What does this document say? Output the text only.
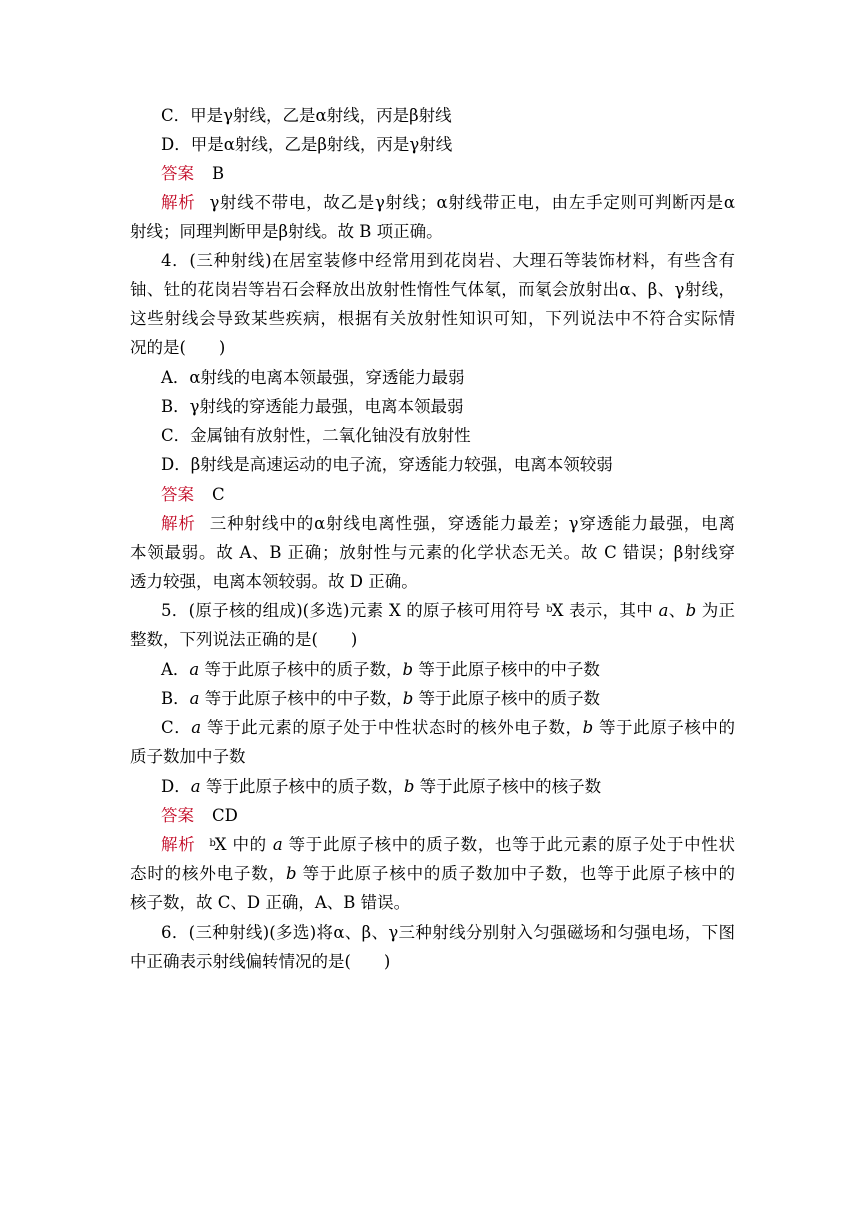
C．甲是γ射线，乙是α射线，丙是β射线
D．甲是α射线，乙是β射线，丙是γ射线
答案 B
解析 γ射线不带电，故乙是γ射线；α射线带正电，由左手定则可判断丙是α
射线；同理判断甲是β射线。故 B 项正确。
4．(三种射线)在居室装修中经常用到花岗岩、大理石等装饰材料，有些含有
铀、钍的花岗岩等岩石会释放出放射性惰性气体氡，而氡会放射出α、β、γ射线，
这些射线会导致某些疾病，根据有关放射性知识可知，下列说法中不符合实际情
况的是(　　)
A．α射线的电离本领最强，穿透能力最弱
B．γ射线的穿透能力最强，电离本领最弱
C．金属铀有放射性，二氧化铀没有放射性
D．β射线是高速运动的电子流，穿透能力较强，电离本领较弱
答案 C
解析 三种射线中的α射线电离性强，穿透能力最差；γ穿透能力最强，电离
本领最弱。故 A、B 正确；放射性与元素的化学状态无关。故 C 错误；β射线穿
透力较强，电离本领较弱。故 D 正确。
5．(原子核的组成)(多选)元素 X 的原子核可用符号 $^b$X 表示，其中 a、b 为正
整数，下列说法正确的是(　　)
A．a 等于此原子核中的质子数，b 等于此原子核中的中子数
B．a 等于此原子核中的中子数，b 等于此原子核中的质子数
C．a 等于此元素的原子处于中性状态时的核外电子数，b 等于此原子核中的
质子数加中子数
D．a 等于此原子核中的质子数，b 等于此原子核中的核子数
答案 CD
解析 $^b$X 中的 a 等于此原子核中的质子数，也等于此元素的原子处于中性状
态时的核外电子数，b 等于此原子核中的质子数加中子数，也等于此原子核中的
核子数，故 C、D 正确，A、B 错误。
6．(三种射线)(多选)将α、β、γ三种射线分别射入匀强磁场和匀强电场，下图
中正确表示射线偏转情况的是(　　)
